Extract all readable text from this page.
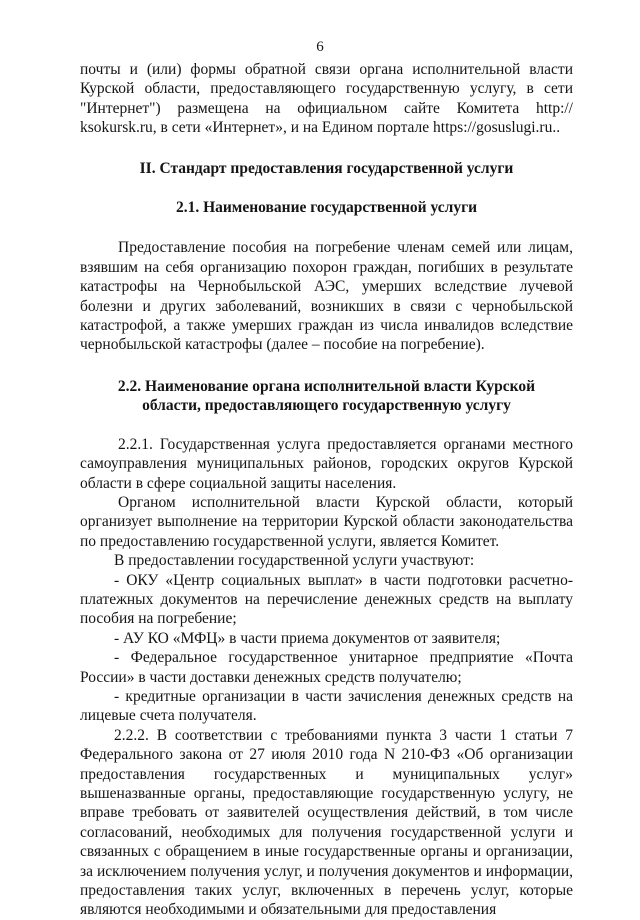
6

почты и (или) формы обратной связи органа исполнительной власти Курской области, предоставляющего государственную услугу, в сети "Интернет") размещена на официальном сайте Комитета http:// ksokursk.ru, в сети «Интернет», и на Едином портале https://gosuslugi.ru..

II. Стандарт предоставления государственной услуги
2.1. Наименование государственной услуги

Предоставление пособия на погребение членам семей или лицам, взявшим на себя организацию похорон граждан, погибших в результате катастрофы на Чернобыльской АЭС, умерших вследствие лучевой болезни и других заболеваний, возникших в связи с чернобыльской катастрофой, а также умерших граждан из числа инвалидов вследствие чернобыльской катастрофы (далее – пособие на погребение).

2.2. Наименование органа исполнительной власти Курской
области, предоставляющего государственную услугу

2.2.1. Государственная услуга предоставляется органами местного самоуправления муниципальных районов, городских округов Курской области в сфере социальной защиты населения.

Органом исполнительной власти Курской области, который организует выполнение на территории Курской области законодательства по предоставлению государственной услуги, является Комитет.

В предоставлении государственной услуги участвуют:

- ОКУ «Центр социальных выплат» в части подготовки расчетно-платежных документов на перечисление денежных средств на выплату пособия на погребение;

- АУ КО «МФЦ» в части приема документов от заявителя;

- Федеральное государственное унитарное предприятие «Почта России» в части доставки денежных средств получателю;

- кредитные организации в части зачисления денежных средств на лицевые счета получателя.

2.2.2. В соответствии с требованиями пункта 3 части 1 статьи 7 Федерального закона от 27 июля 2010 года N 210-ФЗ «Об организации предоставления государственных и муниципальных услуг» вышеназванные органы, предоставляющие государственную услугу, не вправе требовать от заявителей осуществления действий, в том числе согласований, необходимых для получения государственной услуги и связанных с обращением в иные государственные органы и организации, за исключением получения услуг, и получения документов и информации, предоставления таких услуг, включенных в перечень услуг, которые являются необходимыми и обязательными для предоставления
